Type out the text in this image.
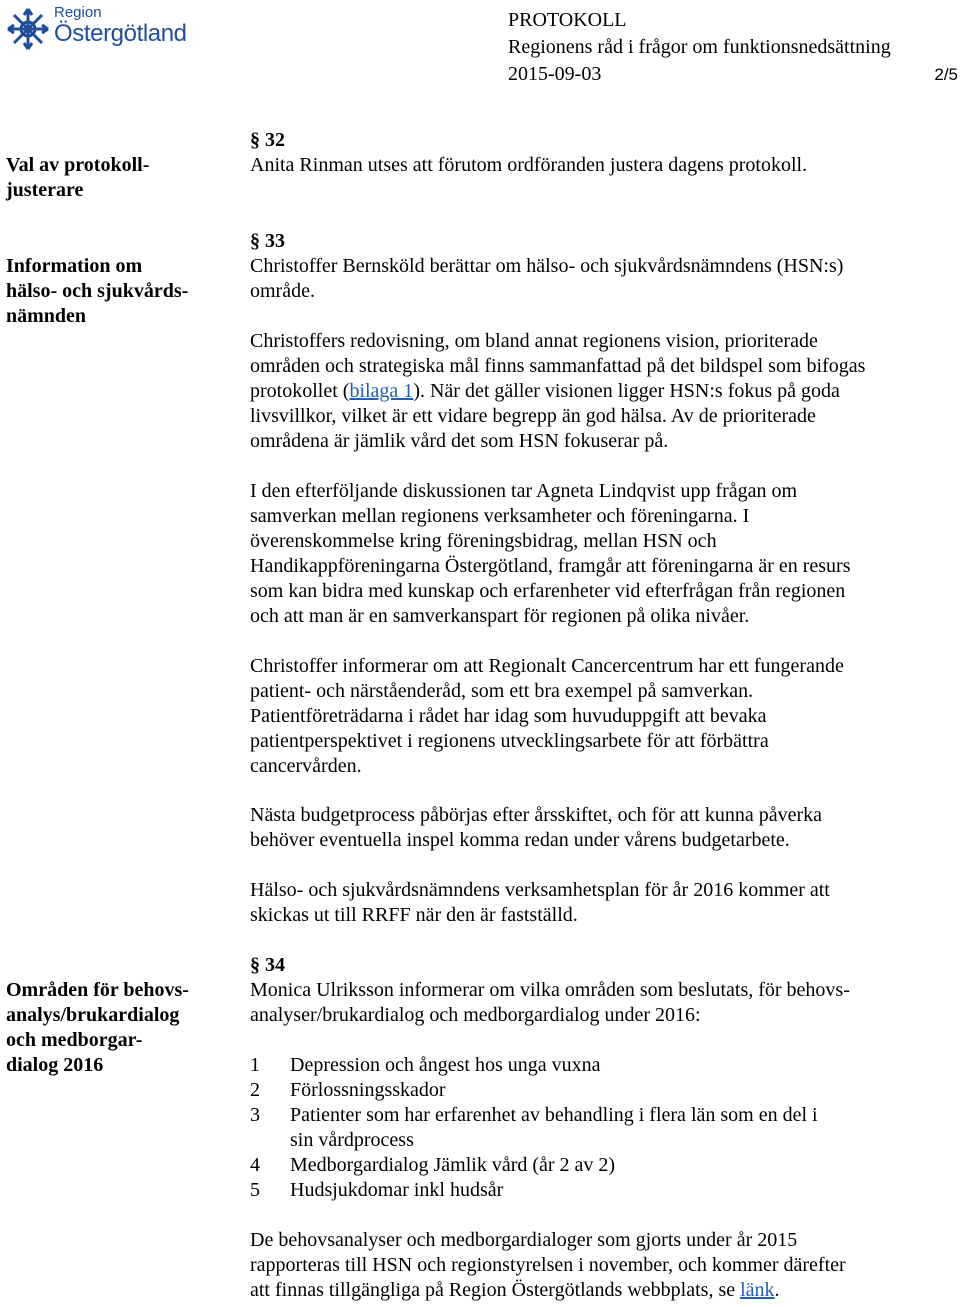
Region
Östergötland	PROTOKOLL
Regionens råd i frågor om funktionsnedsättning
2015-09-03	2/5
Val av protokoll-
justerare
Information om
hälso- och sjukvårds-
nämnden
Områden för behovs-
analys/brukardialog
och medborgar-
dialog 2016
§ 32
Anita Rinman utses att förutom ordföranden justera dagens protokoll.
§ 33
Christoffer Bernsköld berättar om hälso- och sjukvårdsnämndens (HSN:s)
område.
Christoffers redovisning, om bland annat regionens vision, prioriterade
områden och strategiska mål finns sammanfattad på det bildspel som bifogas
protokollet (bilaga 1). När det gäller visionen ligger HSN:s fokus på goda
livsvillkor, vilket är ett vidare begrepp än god hälsa. Av de prioriterade
områdena är jämlik vård det som HSN fokuserar på.
I den efterföljande diskussionen tar Agneta Lindqvist upp frågan om
samverkan mellan regionens verksamheter och föreningarna. I
överenskommelse kring föreningsbidrag, mellan HSN och
Handikappföreningarna Östergötland, framgår att föreningarna är en resurs
som kan bidra med kunskap och erfarenheter vid efterfrågan från regionen
och att man är en samverkanspart för regionen på olika nivåer.
Christoffer informerar om att Regionalt Cancercentrum har ett fungerande
patient- och närståenderåd, som ett bra exempel på samverkan.
Patientföreträdarna i rådet har idag som huvuduppgift att bevaka
patientperspektivet i regionens utvecklingsarbete för att förbättra
cancervården.
Nästa budgetprocess påbörjas efter årsskiftet, och för att kunna påverka
behöver eventuella inspel komma redan under vårens budgetarbete.
Hälso- och sjukvårdsnämndens verksamhetsplan för år 2016 kommer att
skickas ut till RRFF när den är fastställd.
§ 34
Monica Ulriksson informerar om vilka områden som beslutats, för behovs-
analyser/brukardialog och medborgardialog under 2016:
1	Depression och ångest hos unga vuxna
2	Förlossningsskador
3	Patienter som har erfarenhet av behandling i flera län som en del i
sin vårdprocess
4	Medborgardialog Jämlik vård (år 2 av 2)
5	Hudsjukdomar inkl hudsår
De behovsanalyser och medborgardialoger som gjorts under år 2015
rapporteras till HSN och regionstyrelsen i november, och kommer därefter
att finnas tillgängliga på Region Östergötlands webbplats, se länk.
